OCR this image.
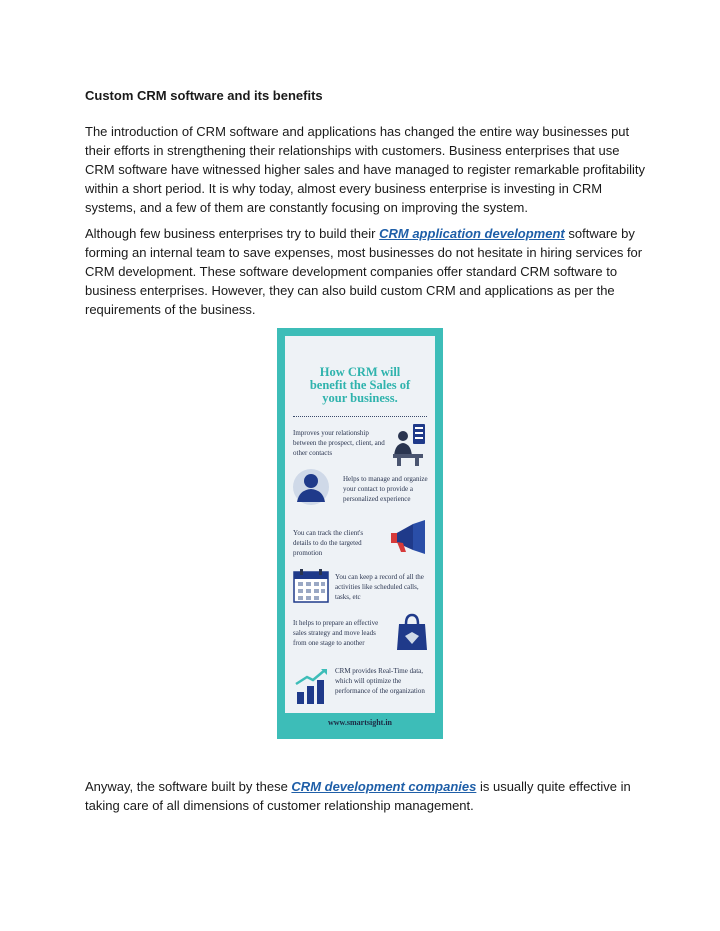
Custom CRM software and its benefits
The introduction of CRM software and applications has changed the entire way businesses put their efforts in strengthening their relationships with customers. Business enterprises that use CRM software have witnessed higher sales and have managed to register remarkable profitability within a short period. It is why today, almost every business enterprise is investing in CRM systems, and a few of them are constantly focusing on improving the system.
Although few business enterprises try to build their CRM application development software by forming an internal team to save expenses, most businesses do not hesitate in hiring services for CRM development. These software development companies offer standard CRM software to business enterprises. However, they can also build custom CRM and applications as per the requirements of the business.
How CRM will
benefit the Sales of
your business.
Improves your relationship between the prospect, client, and other contacts
Helps to manage and organize your contact to provide a personalized experience
You can track the client's details to do the targeted promotion
You can keep a record of all the activities like scheduled calls, tasks, etc
It helps to prepare an effective sales strategy and move leads from one stage to another
CRM provides Real-Time data, which will optimize the performance of the organization
www.smartsight.in
Anyway, the software built by these CRM development companies is usually quite effective in taking care of all dimensions of customer relationship management.
